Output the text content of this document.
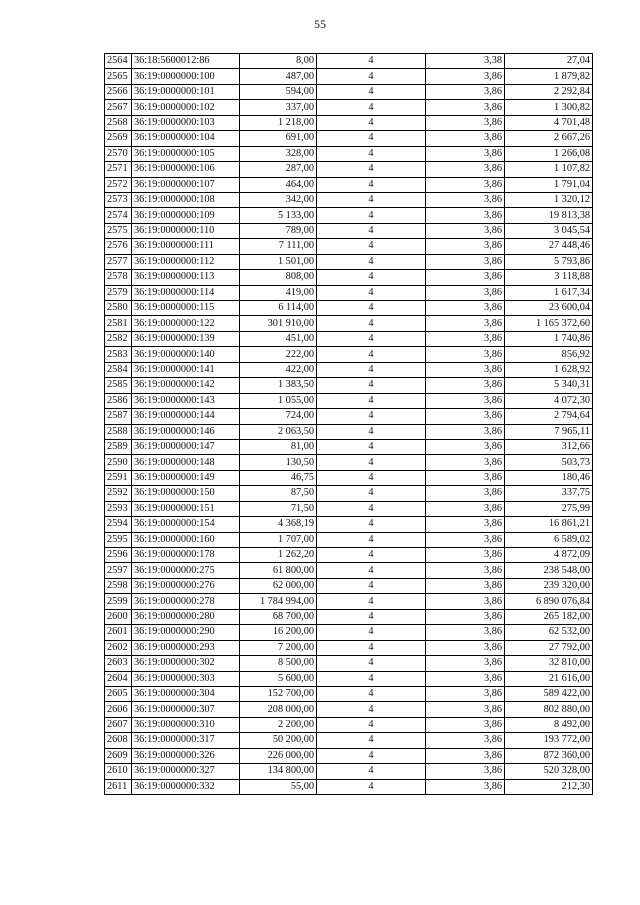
55
2564	36:18:5600012:86	8,00	4	3,38	27,04
2565	36:19:0000000:100	487,00	4	3,86	1 879,82
2566	36:19:0000000:101	594,00	4	3,86	2 292,84
2567	36:19:0000000:102	337,00	4	3,86	1 300,82
2568	36:19:0000000:103	1 218,00	4	3,86	4 701,48
2569	36:19:0000000:104	691,00	4	3,86	2 667,26
2570	36:19:0000000:105	328,00	4	3,86	1 266,08
2571	36:19:0000000:106	287,00	4	3,86	1 107,82
2572	36:19:0000000:107	464,00	4	3,86	1 791,04
2573	36:19:0000000:108	342,00	4	3,86	1 320,12
2574	36:19:0000000:109	5 133,00	4	3,86	19 813,38
2575	36:19:0000000:110	789,00	4	3,86	3 045,54
2576	36:19:0000000:111	7 111,00	4	3,86	27 448,46
2577	36:19:0000000:112	1 501,00	4	3,86	5 793,86
2578	36:19:0000000:113	808,00	4	3,86	3 118,88
2579	36:19:0000000:114	419,00	4	3,86	1 617,34
2580	36:19:0000000:115	6 114,00	4	3,86	23 600,04
2581	36:19:0000000:122	301 910,00	4	3,86	1 165 372,60
2582	36:19:0000000:139	451,00	4	3,86	1 740,86
2583	36:19:0000000:140	222,00	4	3,86	856,92
2584	36:19:0000000:141	422,00	4	3,86	1 628,92
2585	36:19:0000000:142	1 383,50	4	3,86	5 340,31
2586	36:19:0000000:143	1 055,00	4	3,86	4 072,30
2587	36:19:0000000:144	724,00	4	3,86	2 794,64
2588	36:19:0000000:146	2 063,50	4	3,86	7 965,11
2589	36:19:0000000:147	81,00	4	3,86	312,66
2590	36:19:0000000:148	130,50	4	3,86	503,73
2591	36:19:0000000:149	46,75	4	3,86	180,46
2592	36:19:0000000:150	87,50	4	3,86	337,75
2593	36:19:0000000:151	71,50	4	3,86	275,99
2594	36:19:0000000:154	4 368,19	4	3,86	16 861,21
2595	36:19:0000000:160	1 707,00	4	3,86	6 589,02
2596	36:19:0000000:178	1 262,20	4	3,86	4 872,09
2597	36:19:0000000:275	61 800,00	4	3,86	238 548,00
2598	36:19:0000000:276	62 000,00	4	3,86	239 320,00
2599	36:19:0000000:278	1 784 994,00	4	3,86	6 890 076,84
2600	36:19:0000000:280	68 700,00	4	3,86	265 182,00
2601	36:19:0000000:290	16 200,00	4	3,86	62 532,00
2602	36:19:0000000:293	7 200,00	4	3,86	27 792,00
2603	36:19:0000000:302	8 500,00	4	3,86	32 810,00
2604	36:19:0000000:303	5 600,00	4	3,86	21 616,00
2605	36:19:0000000:304	152 700,00	4	3,86	589 422,00
2606	36:19:0000000:307	208 000,00	4	3,86	802 880,00
2607	36:19:0000000:310	2 200,00	4	3,86	8 492,00
2608	36:19:0000000:317	50 200,00	4	3,86	193 772,00
2609	36:19:0000000:326	226 000,00	4	3,86	872 360,00
2610	36:19:0000000:327	134 800,00	4	3,86	520 328,00
2611	36:19:0000000:332	55,00	4	3,86	212,30
